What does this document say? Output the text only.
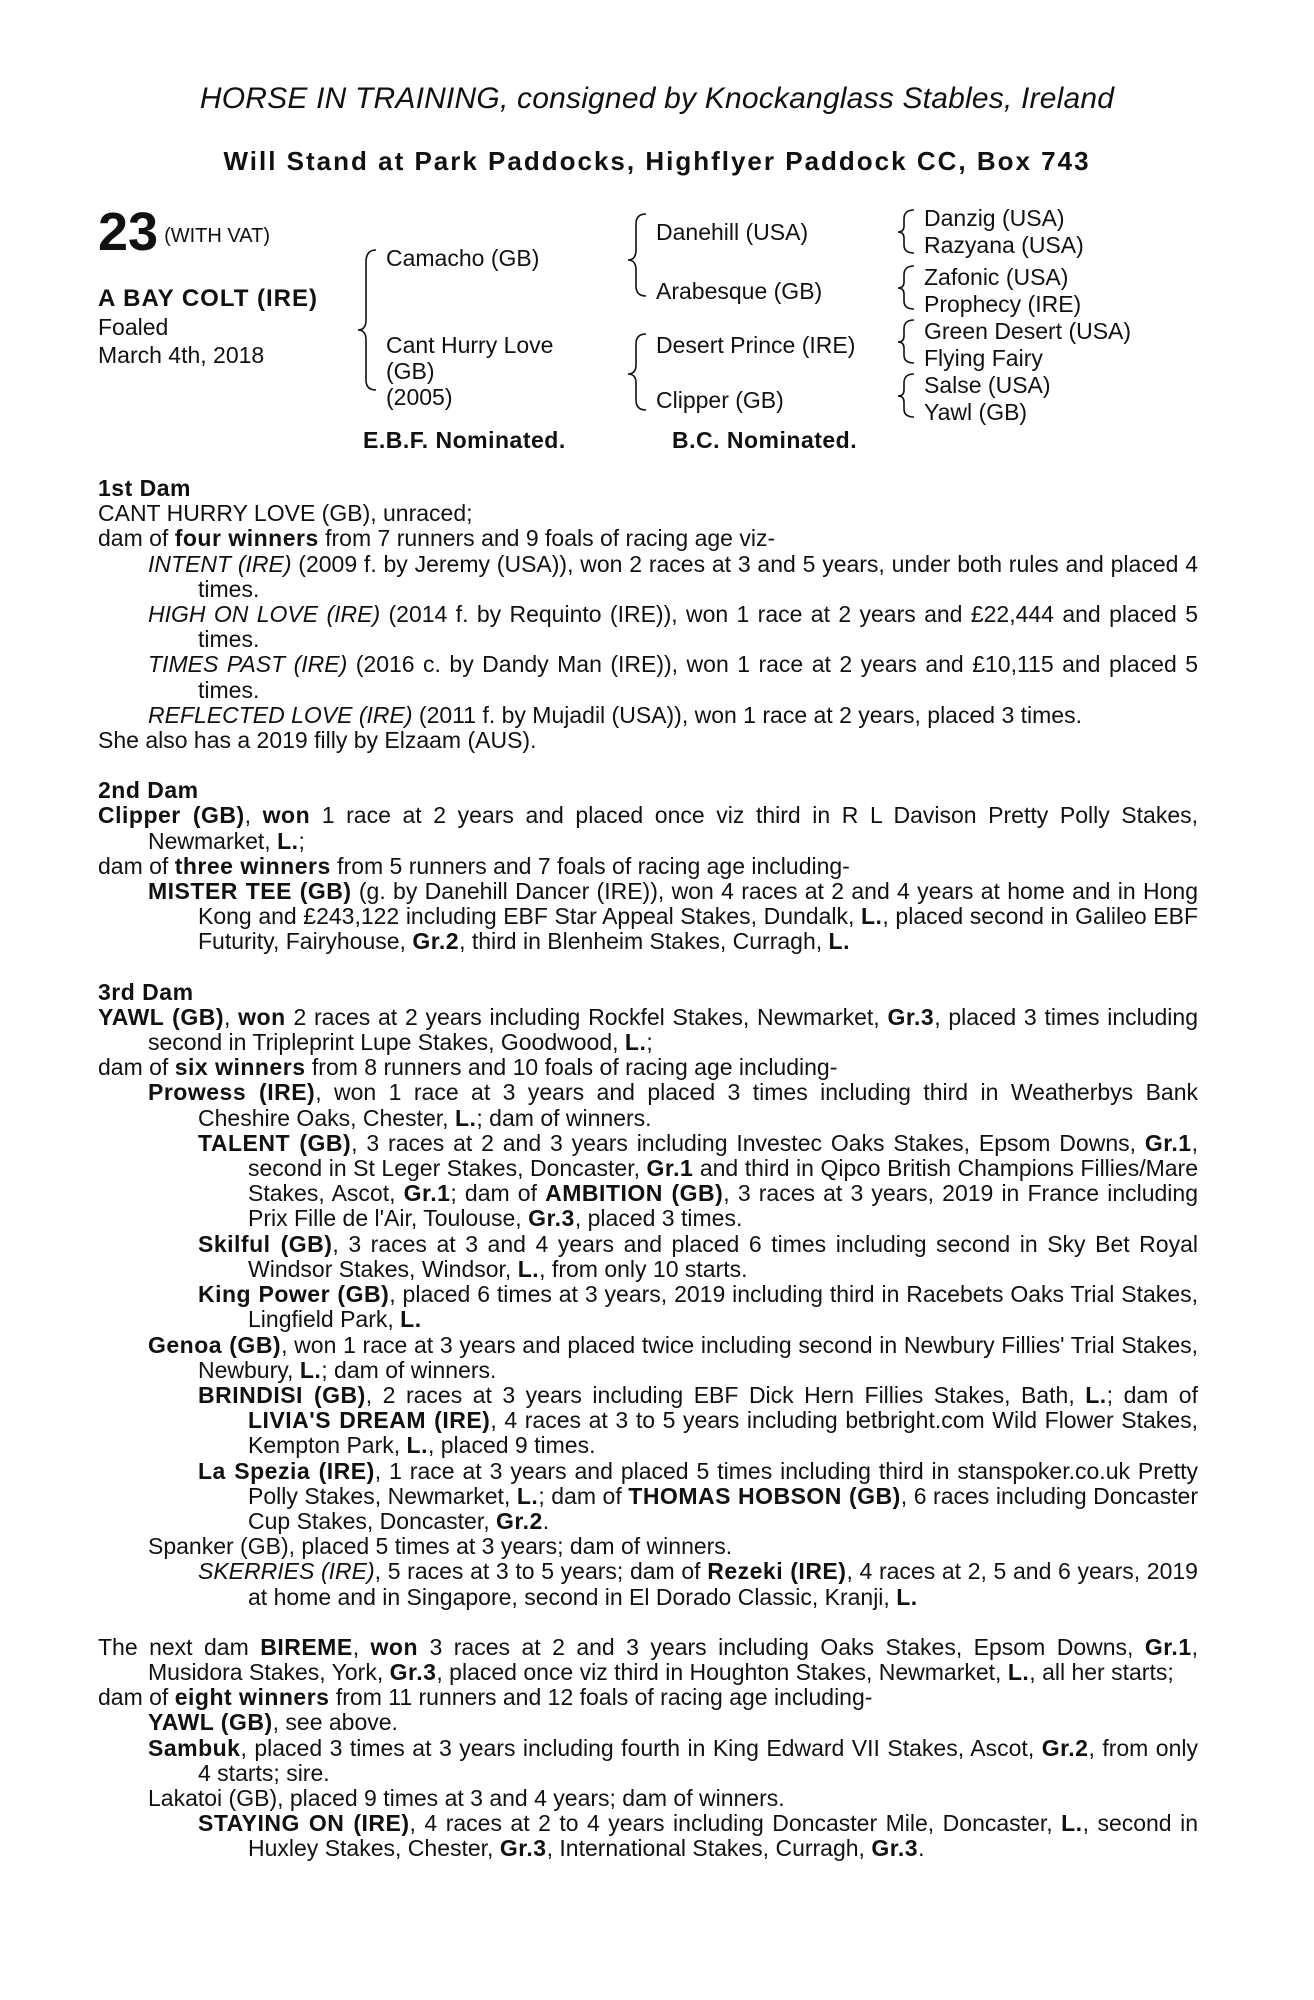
HORSE IN TRAINING, consigned by Knockanglass Stables, Ireland
Will Stand at Park Paddocks, Highflyer Paddock CC, Box 743
23 (WITH VAT)
A BAY COLT (IRE)
Foaled
March 4th, 2018
Camacho (GB)
Cant Hurry Love
(GB)
(2005)
Danehill (USA)
Arabesque (GB)
Desert Prince (IRE)
Clipper (GB)
Danzig (USA)
Razyana (USA)
Zafonic (USA)
Prophecy (IRE)
Green Desert (USA)
Flying Fairy
Salse (USA)
Yawl (GB)
E.B.F. Nominated.	B.C. Nominated.
1st Dam

CANT HURRY LOVE (GB), unraced;

dam of four winners from 7 runners and 9 foals of racing age viz-

INTENT (IRE) (2009 f. by Jeremy (USA)), won 2 races at 3 and 5 years, under both rules and placed 4 times.

HIGH ON LOVE (IRE) (2014 f. by Requinto (IRE)), won 1 race at 2 years and £22,444 and placed 5 times.

TIMES PAST (IRE) (2016 c. by Dandy Man (IRE)), won 1 race at 2 years and £10,115 and placed 5 times.

REFLECTED LOVE (IRE) (2011 f. by Mujadil (USA)), won 1 race at 2 years, placed 3 times.

She also has a 2019 filly by Elzaam (AUS).

2nd Dam

Clipper (GB), won 1 race at 2 years and placed once viz third in R L Davison Pretty Polly Stakes, Newmarket, L.;

dam of three winners from 5 runners and 7 foals of racing age including-

MISTER TEE (GB) (g. by Danehill Dancer (IRE)), won 4 races at 2 and 4 years at home and in Hong Kong and £243,122 including EBF Star Appeal Stakes, Dundalk, L., placed second in Galileo EBF Futurity, Fairyhouse, Gr.2, third in Blenheim Stakes, Curragh, L.

3rd Dam

YAWL (GB), won 2 races at 2 years including Rockfel Stakes, Newmarket, Gr.3, placed 3 times including second in Tripleprint Lupe Stakes, Goodwood, L.;

dam of six winners from 8 runners and 10 foals of racing age including-

Prowess (IRE), won 1 race at 3 years and placed 3 times including third in Weatherbys Bank Cheshire Oaks, Chester, L.; dam of winners.

TALENT (GB), 3 races at 2 and 3 years including Investec Oaks Stakes, Epsom Downs, Gr.1, second in St Leger Stakes, Doncaster, Gr.1 and third in Qipco British Champions Fillies/Mare Stakes, Ascot, Gr.1; dam of AMBITION (GB), 3 races at 3 years, 2019 in France including Prix Fille de l'Air, Toulouse, Gr.3, placed 3 times.

Skilful (GB), 3 races at 3 and 4 years and placed 6 times including second in Sky Bet Royal Windsor Stakes, Windsor, L., from only 10 starts.

King Power (GB), placed 6 times at 3 years, 2019 including third in Racebets Oaks Trial Stakes, Lingfield Park, L.

Genoa (GB), won 1 race at 3 years and placed twice including second in Newbury Fillies' Trial Stakes, Newbury, L.; dam of winners.

BRINDISI (GB), 2 races at 3 years including EBF Dick Hern Fillies Stakes, Bath, L.; dam of LIVIA'S DREAM (IRE), 4 races at 3 to 5 years including betbright.com Wild Flower Stakes, Kempton Park, L., placed 9 times.

La Spezia (IRE), 1 race at 3 years and placed 5 times including third in stanspoker.co.uk Pretty Polly Stakes, Newmarket, L.; dam of THOMAS HOBSON (GB), 6 races including Doncaster Cup Stakes, Doncaster, Gr.2.

Spanker (GB), placed 5 times at 3 years; dam of winners.

SKERRIES (IRE), 5 races at 3 to 5 years; dam of Rezeki (IRE), 4 races at 2, 5 and 6 years, 2019 at home and in Singapore, second in El Dorado Classic, Kranji, L.

The next dam BIREME, won 3 races at 2 and 3 years including Oaks Stakes, Epsom Downs, Gr.1, Musidora Stakes, York, Gr.3, placed once viz third in Houghton Stakes, Newmarket, L., all her starts;

dam of eight winners from 11 runners and 12 foals of racing age including-

YAWL (GB), see above.

Sambuk, placed 3 times at 3 years including fourth in King Edward VII Stakes, Ascot, Gr.2, from only 4 starts; sire.

Lakatoi (GB), placed 9 times at 3 and 4 years; dam of winners.

STAYING ON (IRE), 4 races at 2 to 4 years including Doncaster Mile, Doncaster, L., second in Huxley Stakes, Chester, Gr.3, International Stakes, Curragh, Gr.3.
